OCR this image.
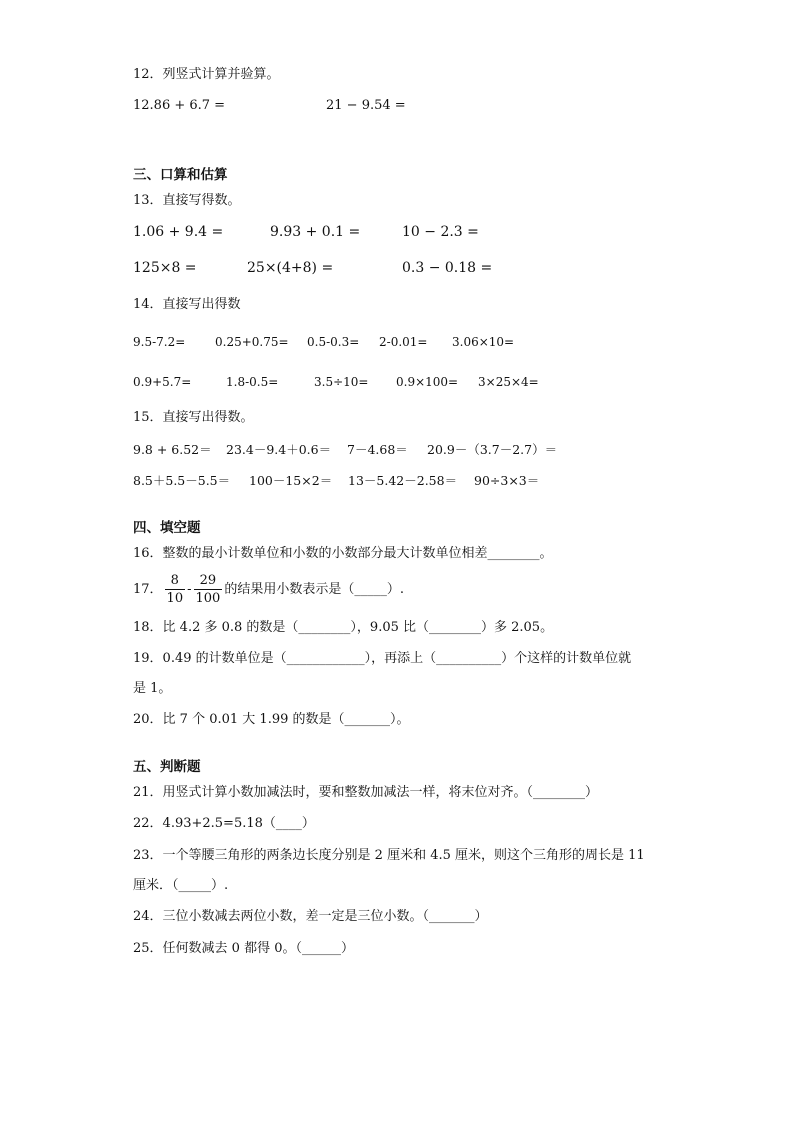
12．列竖式计算并验算。
12.86 + 6.7 =	21 − 9.54 =
三、口算和估算
13．直接写得数。
1.06 + 9.4 =	9.93 + 0.1 =	10 − 2.3 =
125×8 =	25×(4+8) =	0.3 − 0.18 =
14．直接写出得数
9.5-7.2= 0.25+0.75= 0.5-0.3= 2-0.01= 3.06×10=
0.9+5.7=	1.8-0.5=	3.5÷10= 0.9×100= 3×25×4=
15．直接写出得数。
9.8 + 6.52＝ 23.4－9.4＋0.6＝ 7－4.68＝ 20.9－（3.7－2.7）＝
8.5＋5.5－5.5＝ 100－15×2＝ 13－5.42－2.58＝ 90÷3×3＝
四、填空题
16．整数的最小计数单位和小数的小数部分最大计数单位相差________。
17． $\frac{8}{10} - \frac{29}{100}$ 的结果用小数表示是（_____）.
18．比 4.2 多 0.8 的数是（________），9.05 比（________）多 2.05。
19．0.49 的计数单位是（____________），再添上（__________）个这样的计数单位就
是 1。
20．比 7 个 0.01 大 1.99 的数是（_______）。
五、判断题
21．用竖式计算小数加减法时，要和整数加减法一样，将末位对齐。（________）
22．4.93+2.5=5.18（____）
23．一个等腰三角形的两条边长度分别是 2 厘米和 4.5 厘米，则这个三角形的周长是 11
厘米．（_____）.
24．三位小数减去两位小数，差一定是三位小数。（_______）
25．任何数减去 0 都得 0。（______）
